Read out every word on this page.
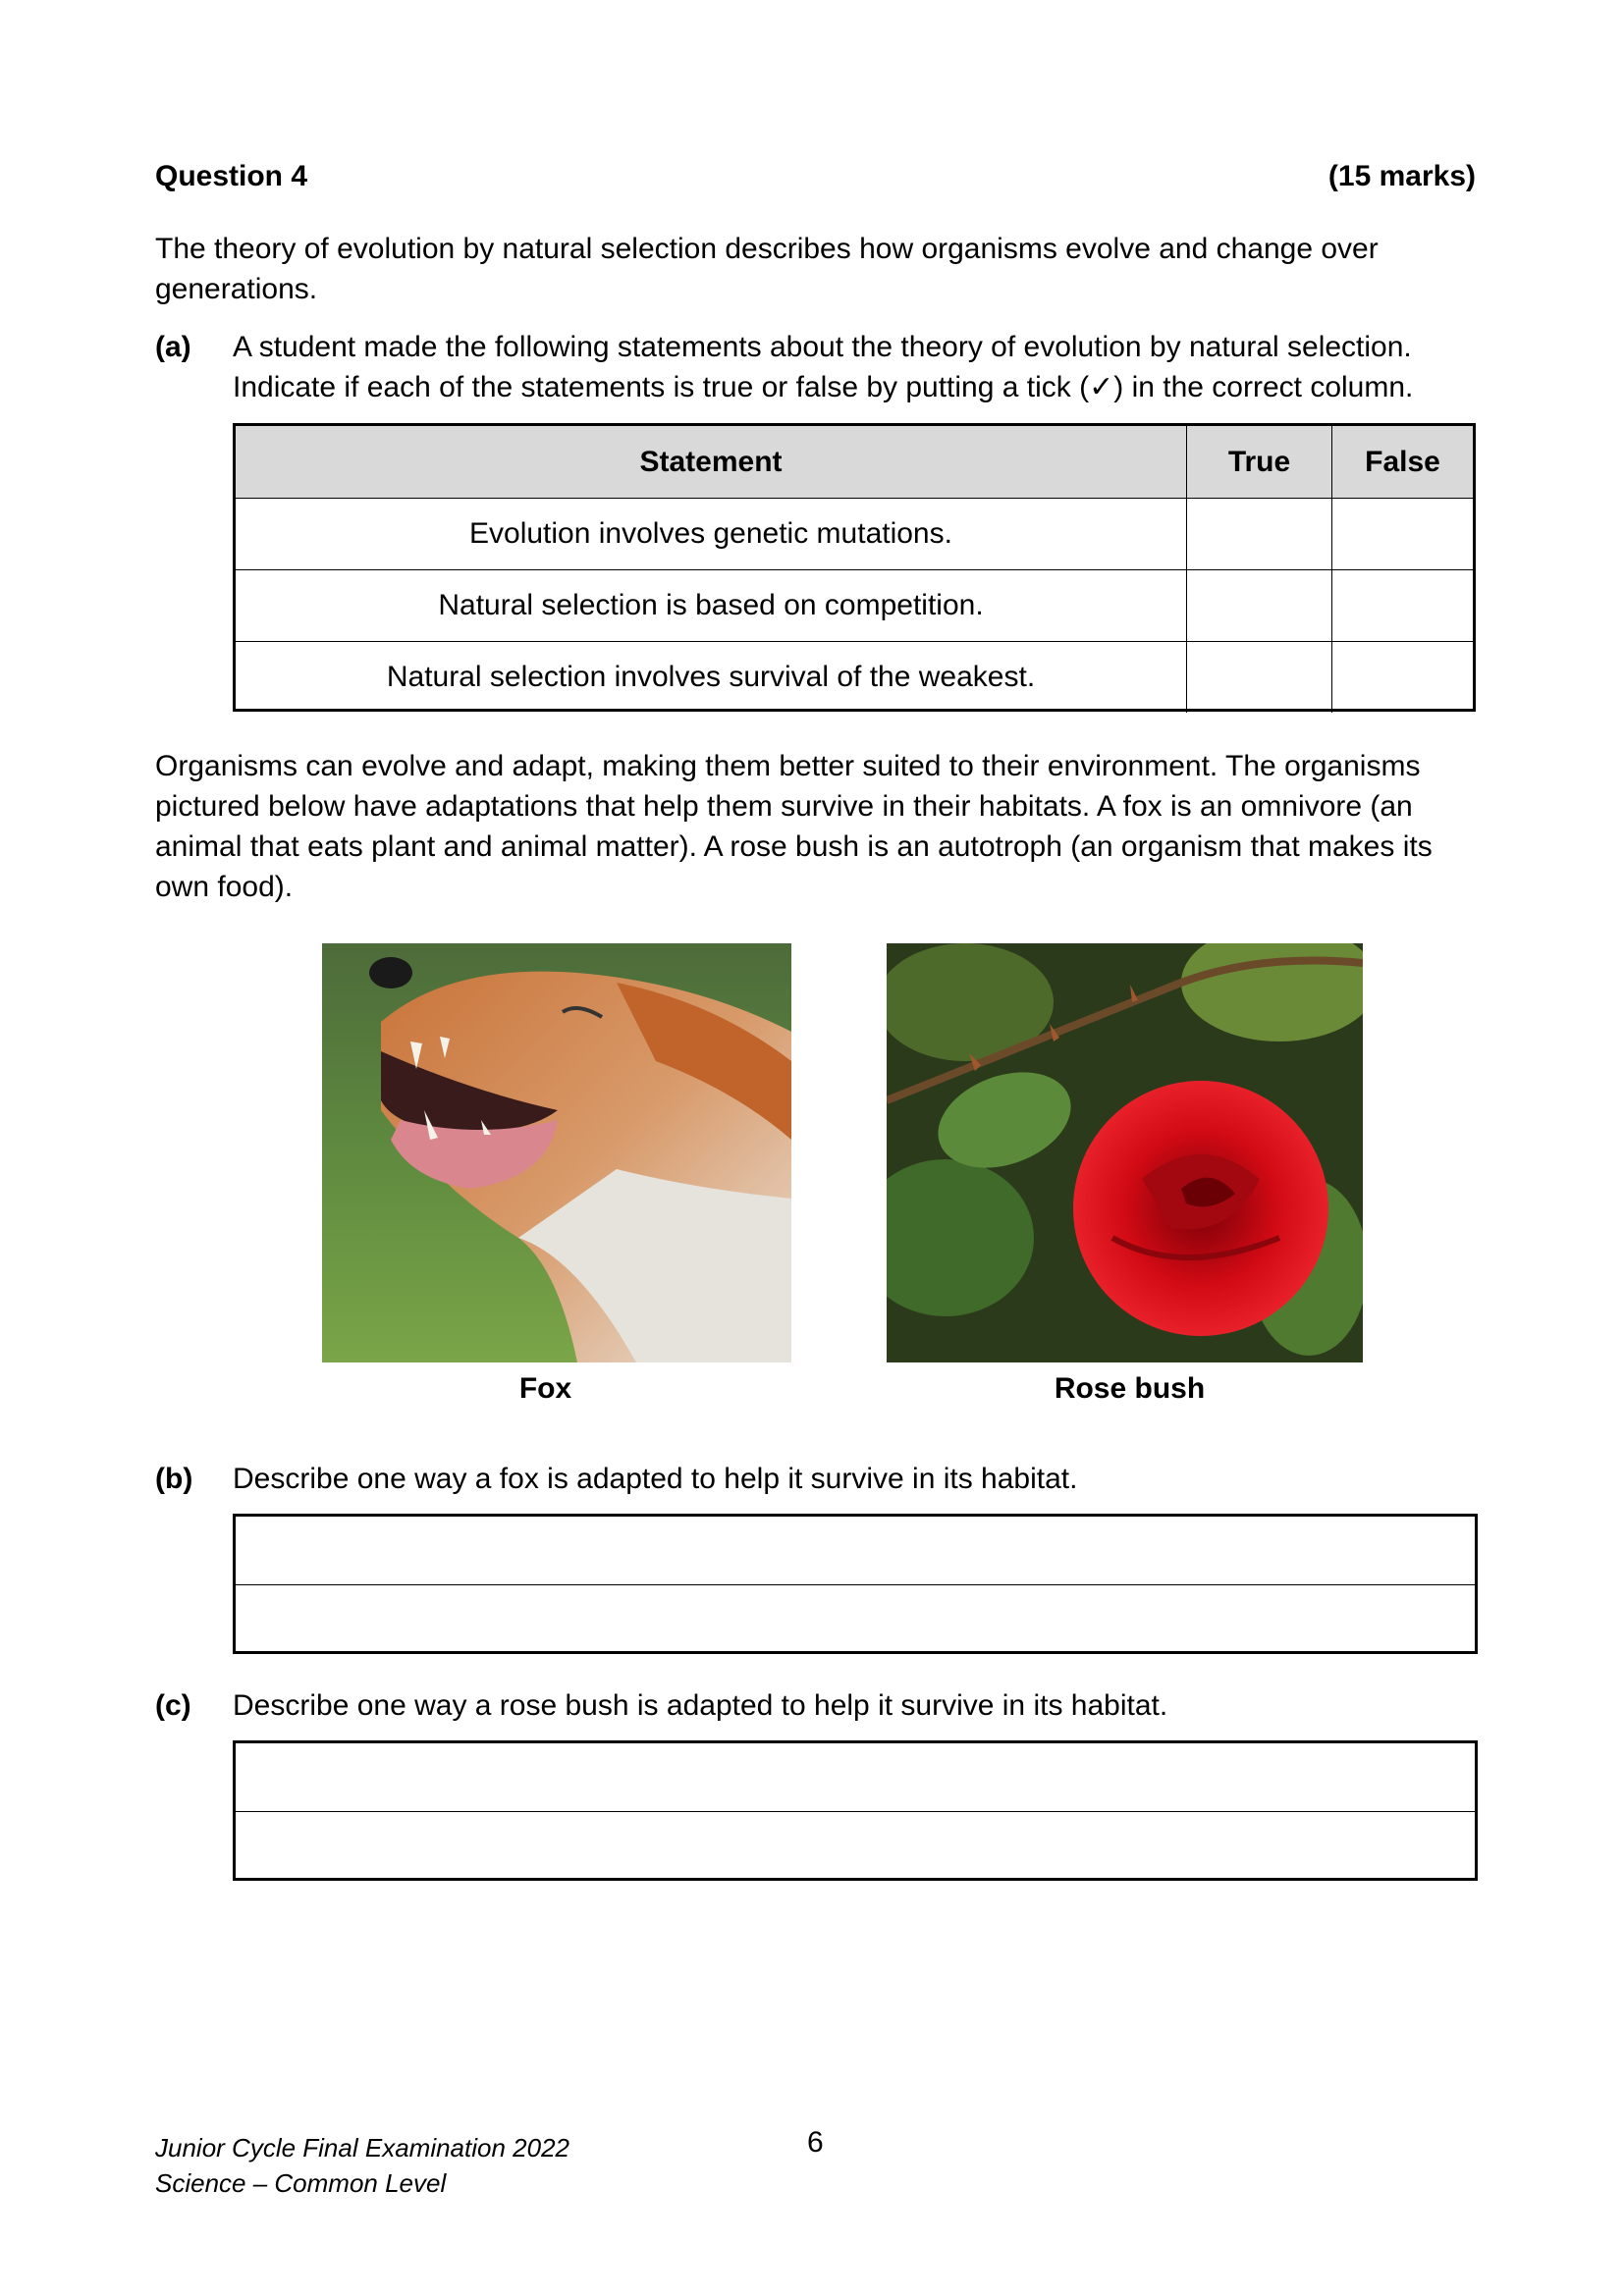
Question 4	(15 marks)
The theory of evolution by natural selection describes how organisms evolve and change over generations.
(a) A student made the following statements about the theory of evolution by natural selection. Indicate if each of the statements is true or false by putting a tick (✓) in the correct column.
Statement	True	False
Evolution involves genetic mutations.
Natural selection is based on competition.
Natural selection involves survival of the weakest.
Organisms can evolve and adapt, making them better suited to their environment. The organisms pictured below have adaptations that help them survive in their habitats. A fox is an omnivore (an animal that eats plant and animal matter). A rose bush is an autotroph (an organism that makes its own food).
Fox	Rose bush
(b) Describe one way a fox is adapted to help it survive in its habitat.
(c) Describe one way a rose bush is adapted to help it survive in its habitat.
Junior Cycle Final Examination 2022
Science – Common Level
6
